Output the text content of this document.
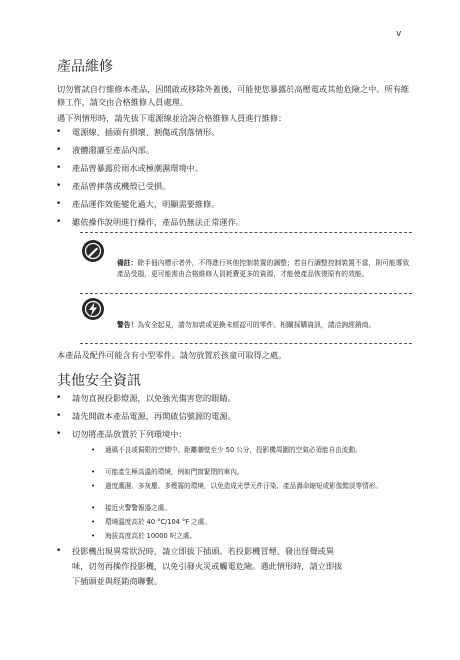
v
產品維修
切勿嘗試自行維修本產品，因開啟或移除外蓋後，可能使您暴露於高壓電或其他危險之中。所有維修工作，請交由合格維修人員處理。
遇下列情形時，請先拔下電源線並洽詢合格維修人員進行維修：
• 電源線、插頭有損壞、割傷或刮落情形。
• 液體潑灑至產品內部。
• 產品曾暴露於雨水或極潮濕環境中。
• 產品曾摔落或機殼已受損。
• 產品運作效能變化過大，明顯需要維修。
• 雖依操作說明進行操作，產品仍無法正常運作。
備註：除手冊內標示者外，不得進行其他控制裝置的調整；若自行調整控制裝置不當，則可能導致產品受損，更可能需由合格維修人員耗費更多的資源，才能使產品恢復原有的效能。
警告！為安全起見，請勿加裝或更換未經認可的零件。相關採購資訊，請洽詢經銷商。
本產品及配件可能含有小型零件。請勿放置於孩童可取得之處。
其他安全資訊
• 請勿直視投影燈源，以免強光傷害您的眼睛。
• 請先開啟本產品電源，再開啟信號源的電源。
• 切勿將產品放置於下列環境中：
• 通風不良或侷限的空間中。距離牆壁至少 50 公分，投影機周圍的空氣必須能自由流動。
• 可能產生極高溫的環境，例如門窗緊閉的車內。
• 過度潮濕、多灰塵、多煙霧的環境，以免造成光學元件汙染、產品壽命縮短或影像黯淡等情形。
• 接近火警警報器之處。
• 環境溫度高於 40 °C/104 °F 之處。
• 海拔高度高於 10000 呎之處。
• 投影機出現異常狀況時，請立即拔下插頭。若投影機冒煙、發出怪聲或異味，切勿再操作投影機，以免引發火災或觸電危險。遇此情形時，請立即拔下插頭並與經銷商聯繫。
